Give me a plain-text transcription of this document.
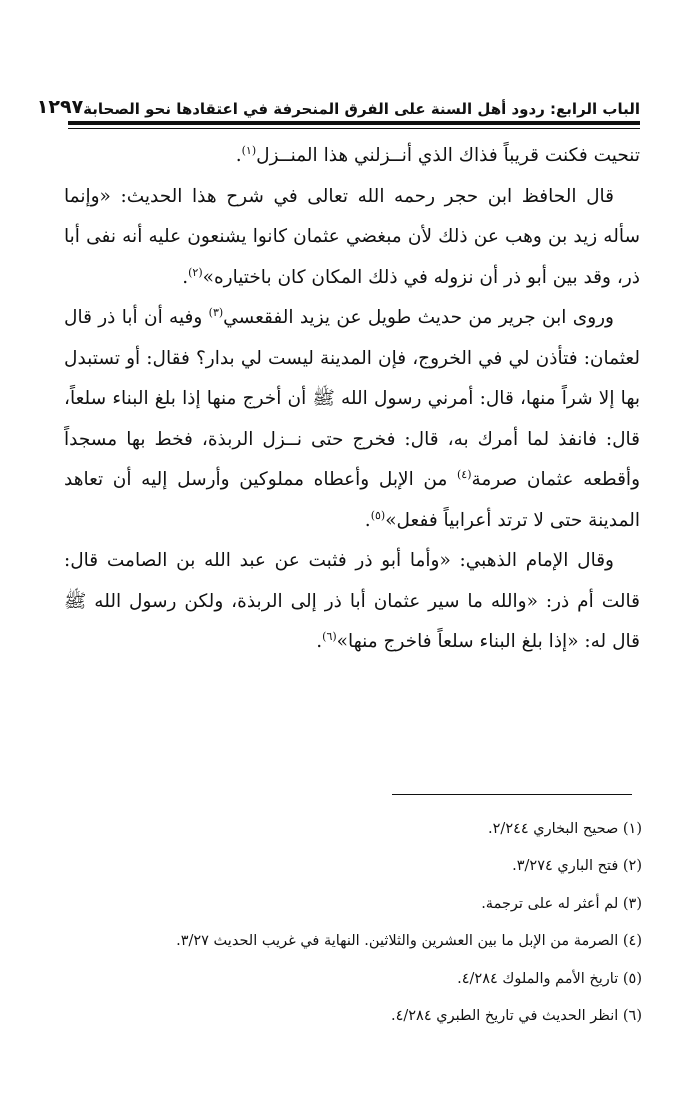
الباب الرابع: ردود أهل السنة على الفرق المنحرفة في اعتقادها نحو الصحابة
١٢٩٧

تنحيت فكنت قريباً فذاك الذي أنــزلني هذا المنــزل$^{(١)}$.

قال الحافظ ابن حجر رحمه الله تعالى في شرح هذا الحديث: «وإنما سأله زيد بن وهب عن ذلك لأن مبغضي عثمان كانوا يشنعون عليه أنه نفى أبا ذر، وقد بين أبو ذر أن نزوله في ذلك المكان كان باختياره»$^{(٢)}$.

وروى ابن جرير من حديث طويل عن يزيد الفقعسي$^{(٣)}$ وفيه أن أبا ذر قال لعثمان: فتأذن لي في الخروج، فإن المدينة ليست لي بدار؟ فقال: أو تستبدل بها إلا شراً منها، قال: أمرني رسول الله ﷺ أن أخرج منها إذا بلغ البناء سلعاً، قال: فانفذ لما أمرك به، قال: فخرج حتى نــزل الربذة، فخط بها مسجداً وأقطعه عثمان صرمة$^{(٤)}$ من الإبل وأعطاه مملوكين وأرسل إليه أن تعاهد المدينة حتى لا ترتد أعرابياً ففعل»$^{(٥)}$.

وقال الإمام الذهبي: «وأما أبو ذر فثبت عن عبد الله بن الصامت قال: قالت أم ذر: «والله ما سير عثمان أبا ذر إلى الربذة، ولكن رسول الله ﷺ قال له: «إذا بلغ البناء سلعاً فاخرج منها»$^{(٦)}$.

(١) صحيح البخاري ٢/٢٤٤.
(٢) فتح الباري ٣/٢٧٤.
(٣) لم أعثر له على ترجمة.
(٤) الصرمة من الإبل ما بين العشرين والثلاثين. النهاية في غريب الحديث ٣/٢٧.
(٥) تاريخ الأمم والملوك ٤/٢٨٤.
(٦) انظر الحديث في تاريخ الطبري ٤/٢٨٤.
